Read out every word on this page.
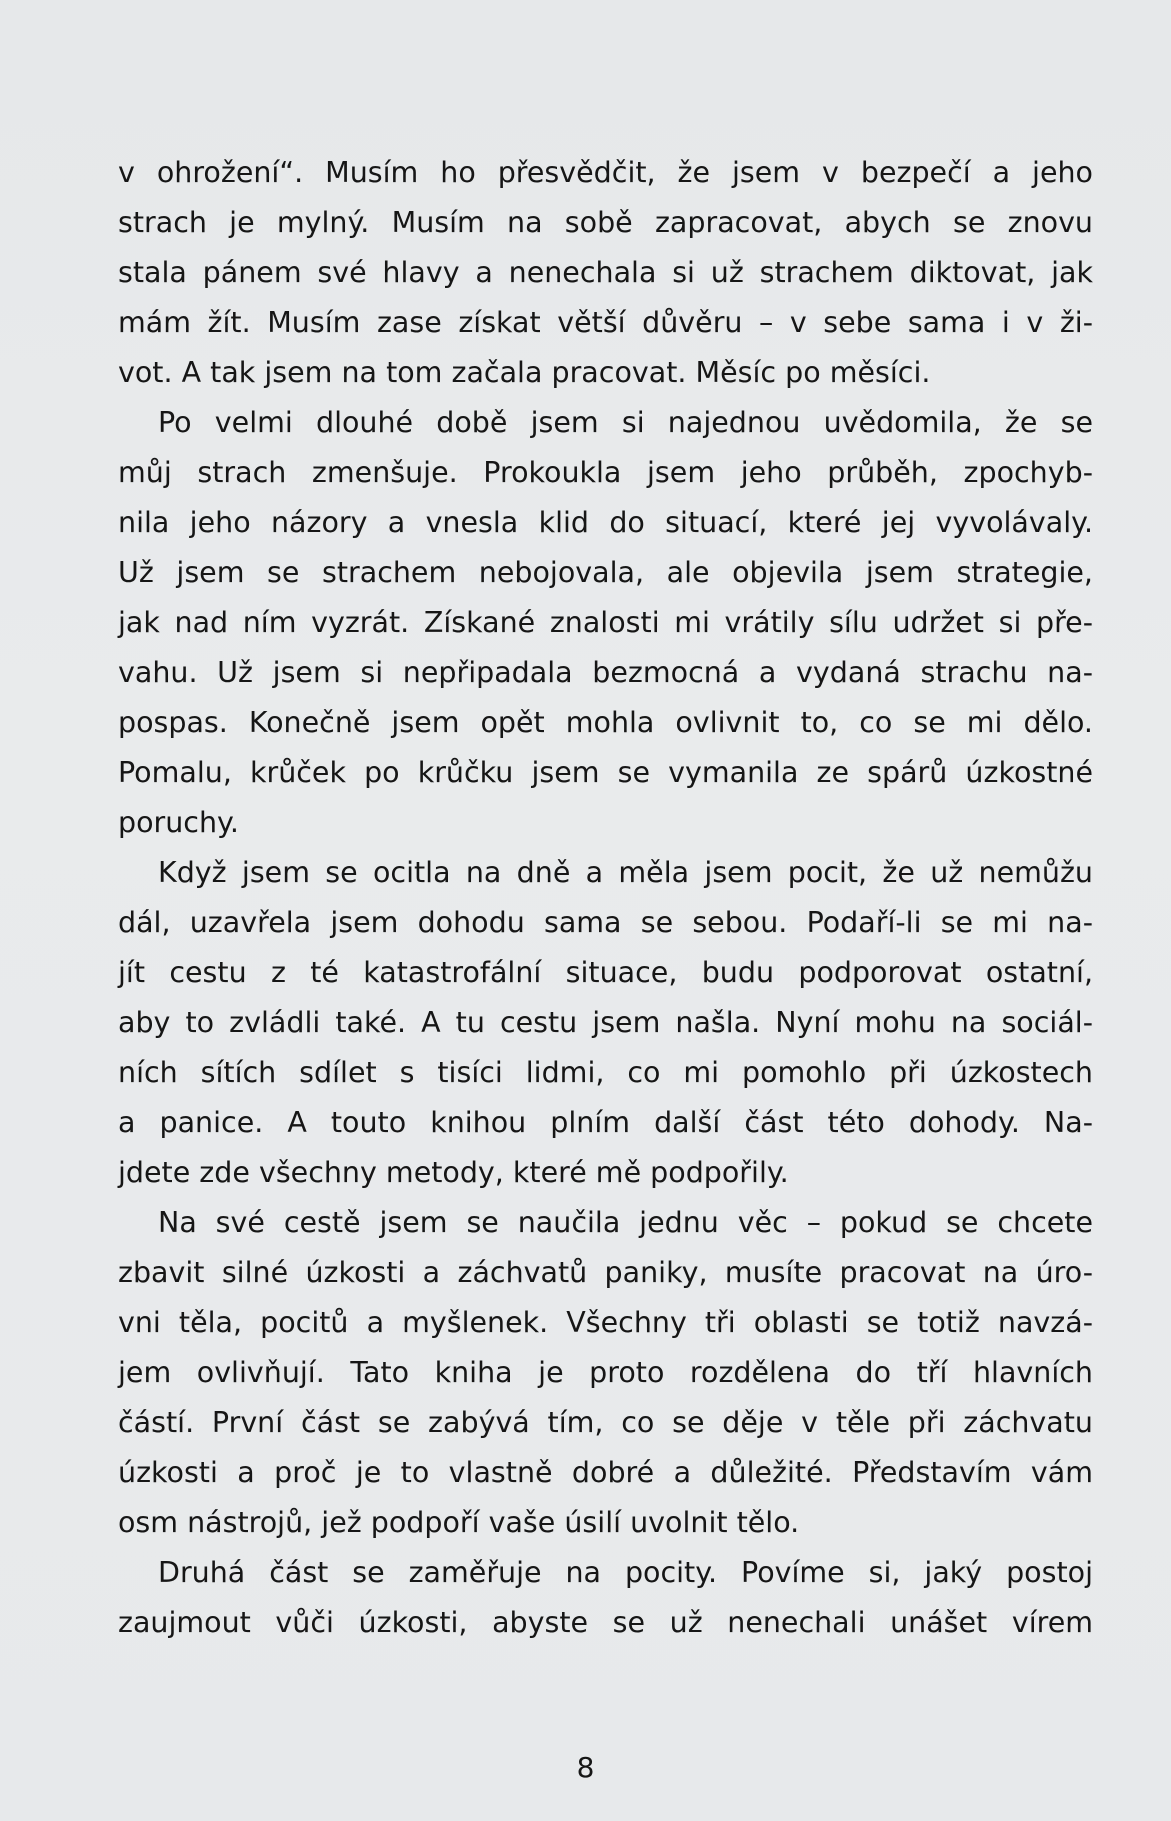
v ohrožení“. Musím ho přesvědčit, že jsem v bezpečí a jeho
strach je mylný. Musím na sobě zapracovat, abych se znovu
stala pánem své hlavy a nenechala si už strachem diktovat, jak
mám žít. Musím zase získat větší důvěru – v sebe sama i v ži-
vot. A tak jsem na tom začala pracovat. Měsíc po měsíci.
Po velmi dlouhé době jsem si najednou uvědomila, že se
můj strach zmenšuje. Prokoukla jsem jeho průběh, zpochyb-
nila jeho názory a vnesla klid do situací, které jej vyvolávaly.
Už jsem se strachem nebojovala, ale objevila jsem strategie,
jak nad ním vyzrát. Získané znalosti mi vrátily sílu udržet si pře-
vahu. Už jsem si nepřipadala bezmocná a vydaná strachu na-
pospas. Konečně jsem opět mohla ovlivnit to, co se mi dělo.
Pomalu, krůček po krůčku jsem se vymanila ze spárů úzkostné
poruchy.
Když jsem se ocitla na dně a měla jsem pocit, že už nemůžu
dál, uzavřela jsem dohodu sama se sebou. Podaří-li se mi na-
jít cestu z té katastrofální situace, budu podporovat ostatní,
aby to zvládli také. A tu cestu jsem našla. Nyní mohu na sociál-
ních sítích sdílet s tisíci lidmi, co mi pomohlo při úzkostech
a panice. A touto knihou plním další část této dohody. Na-
jdete zde všechny metody, které mě podpořily.
Na své cestě jsem se naučila jednu věc – pokud se chcete
zbavit silné úzkosti a záchvatů paniky, musíte pracovat na úro-
vni těla, pocitů a myšlenek. Všechny tři oblasti se totiž navzá-
jem ovlivňují. Tato kniha je proto rozdělena do tří hlavních
částí. První část se zabývá tím, co se děje v těle při záchvatu
úzkosti a proč je to vlastně dobré a důležité. Představím vám
osm nástrojů, jež podpoří vaše úsilí uvolnit tělo.
Druhá část se zaměřuje na pocity. Povíme si, jaký postoj
zaujmout vůči úzkosti, abyste se už nenechali unášet vírem
8
